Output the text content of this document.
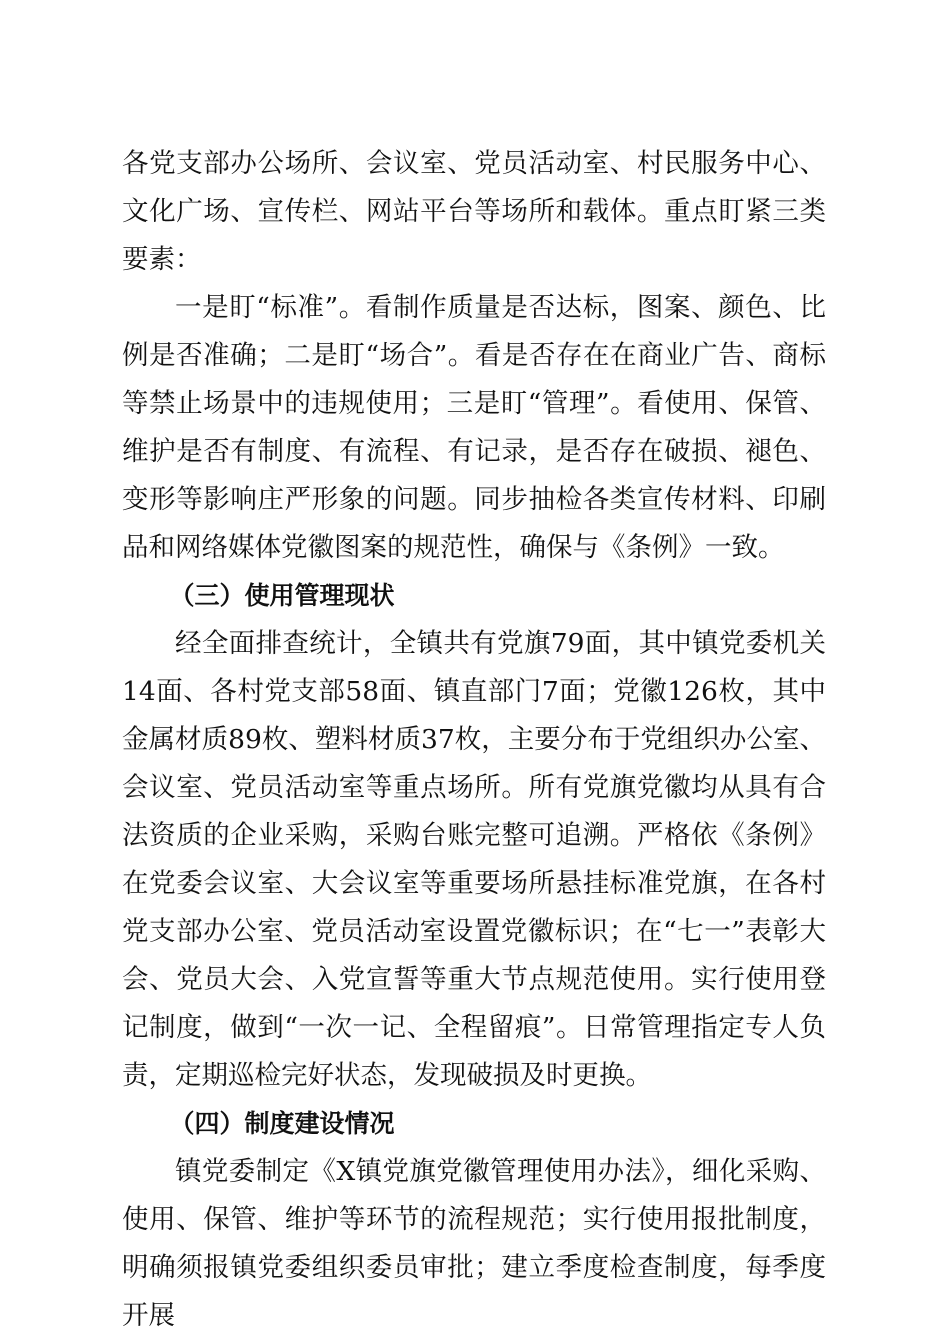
各党支部办公场所、会议室、党员活动室、村民服务中心、文化广场、宣传栏、网站平台等场所和载体。重点盯紧三类要素：

一是盯“标准”。看制作质量是否达标，图案、颜色、比例是否准确；二是盯“场合”。看是否存在在商业广告、商标等禁止场景中的违规使用；三是盯“管理”。看使用、保管、维护是否有制度、有流程、有记录，是否存在破损、褪色、变形等影响庄严形象的问题。同步抽检各类宣传材料、印刷品和网络媒体党徽图案的规范性，确保与《条例》一致。

（三）使用管理现状

经全面排查统计，全镇共有党旗79面，其中镇党委机关14面、各村党支部58面、镇直部门7面；党徽126枚，其中金属材质89枚、塑料材质37枚，主要分布于党组织办公室、会议室、党员活动室等重点场所。所有党旗党徽均从具有合法资质的企业采购，采购台账完整可追溯。严格依《条例》在党委会议室、大会议室等重要场所悬挂标准党旗，在各村党支部办公室、党员活动室设置党徽标识；在“七一”表彰大会、党员大会、入党宣誓等重大节点规范使用。实行使用登记制度，做到“一次一记、全程留痕”。日常管理指定专人负责，定期巡检完好状态，发现破损及时更换。

（四）制度建设情况

镇党委制定《X镇党旗党徽管理使用办法》，细化采购、使用、保管、维护等环节的流程规范；实行使用报批制度，明确须报镇党委组织委员审批；建立季度检查制度，每季度开展
